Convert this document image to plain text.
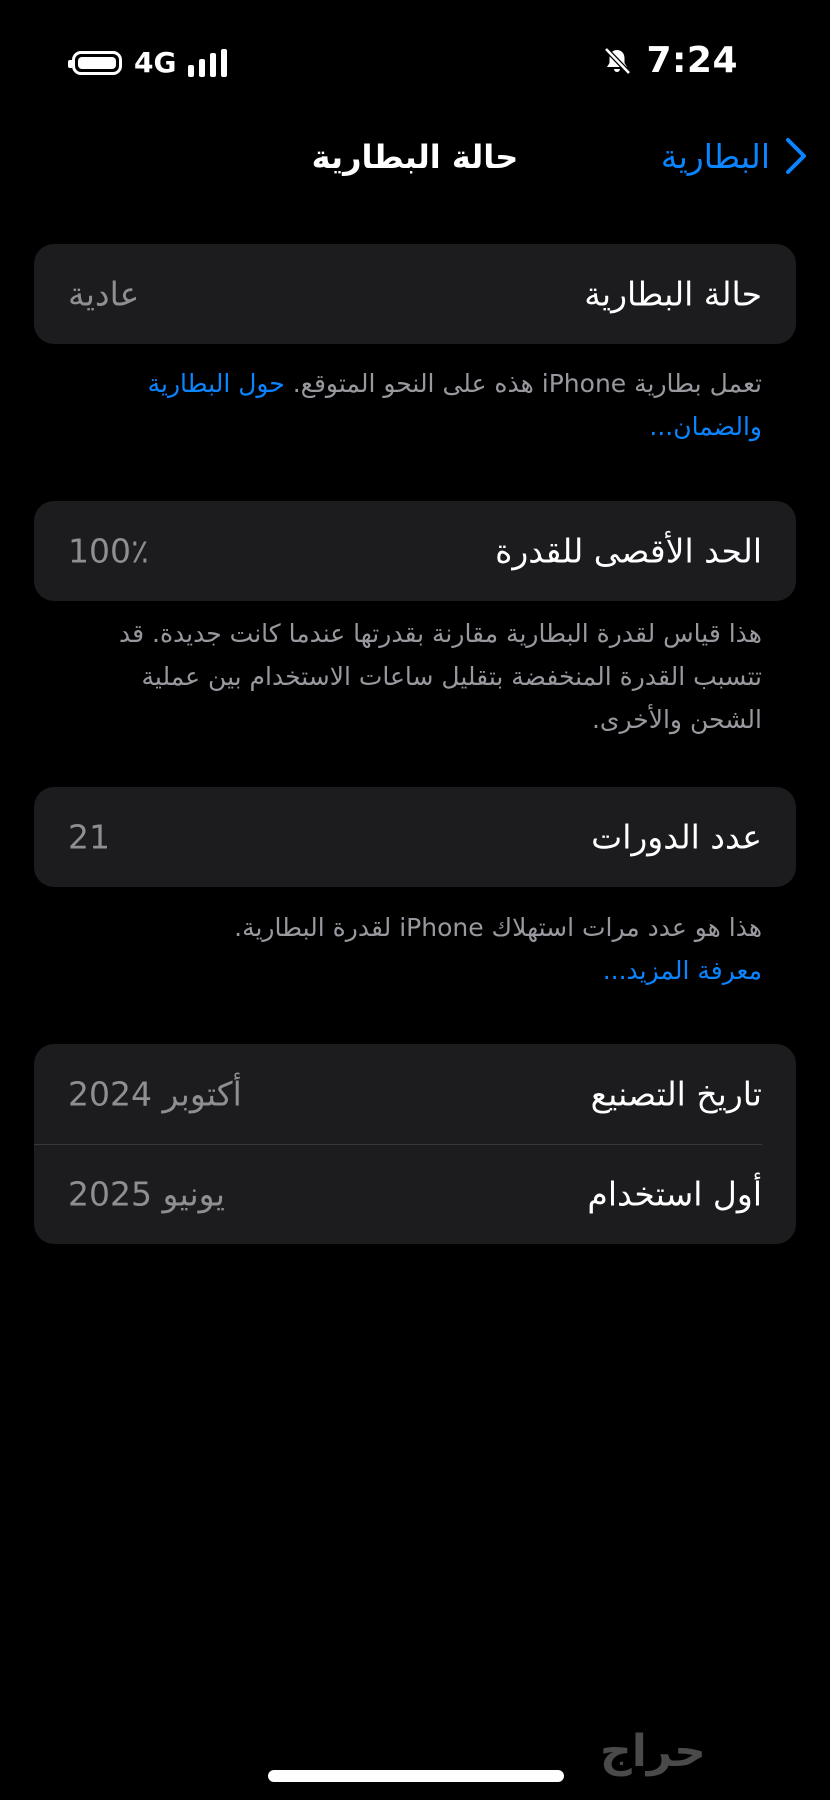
4G	7:24
حالة البطارية	البطارية
حالة البطارية
عادية
تعمل بطارية iPhone هذه على النحو المتوقع. حول البطارية والضمان...
الحد الأقصى للقدرة
100٪
هذا قياس لقدرة البطارية مقارنة بقدرتها عندما كانت جديدة. قد تتسبب القدرة المنخفضة بتقليل ساعات الاستخدام بين عملية الشحن والأخرى.
عدد الدورات
21
هذا هو عدد مرات استهلاك iPhone لقدرة البطارية.
معرفة المزيد...
تاريخ التصنيع
أكتوبر 2024
أول استخدام
يونيو 2025
حراج
